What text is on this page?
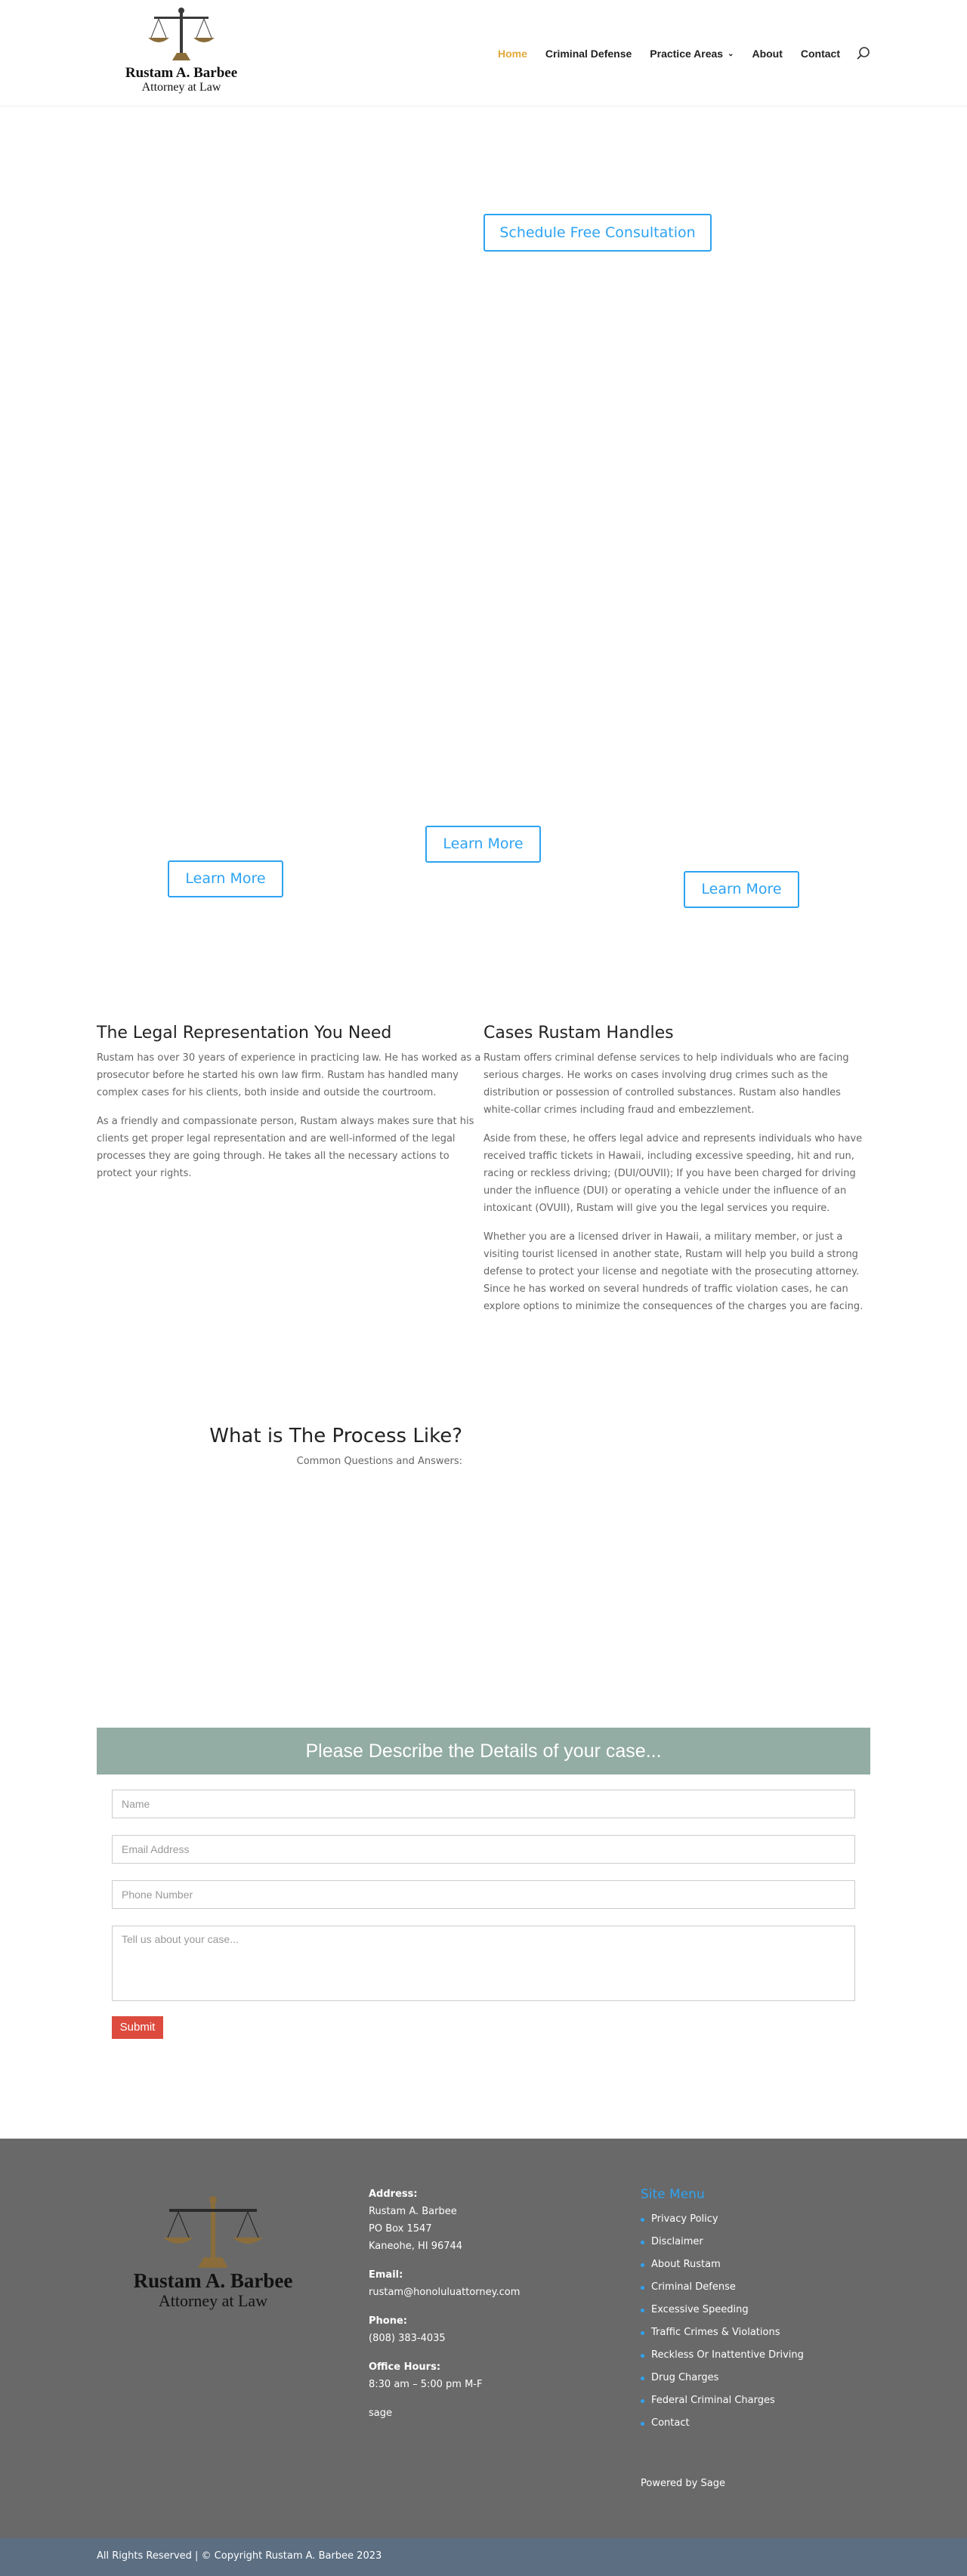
Rustam A. Barbee
Attorney at Law
Home Criminal Defense Practice Areas ⌄ About Contact
Schedule Free Consultation
Learn More
Learn More
Learn More
The Legal Representation You Need

Rustam has over 30 years of experience in practicing law. He has worked as a prosecutor before he started his own law firm. Rustam has handled many complex cases for his clients, both inside and outside the courtroom.

As a friendly and compassionate person, Rustam always makes sure that his clients get proper legal representation and are well-informed of the legal processes they are going through. He takes all the necessary actions to protect your rights.

Cases Rustam Handles

Rustam offers criminal defense services to help individuals who are facing serious charges. He works on cases involving drug crimes such as the distribution or possession of controlled substances. Rustam also handles white-collar crimes including fraud and embezzlement.

Aside from these, he offers legal advice and represents individuals who have received traffic tickets in Hawaii, including excessive speeding, hit and run, racing or reckless driving; (DUI/OUVII); If you have been charged for driving under the influence (DUI) or operating a vehicle under the influence of an intoxicant (OVUII), Rustam will give you the legal services you require.

Whether you are a licensed driver in Hawaii, a military member, or just a visiting tourist licensed in another state, Rustam will help you build a strong defense to protect your license and negotiate with the prosecuting attorney. Since he has worked on several hundreds of traffic violation cases, he can explore options to minimize the consequences of the charges you are facing.

What is The Process Like?
Common Questions and Answers:
Please Describe the Details of your case...
Name
Email Address
Phone Number
Tell us about your case...
Submit
Rustam A. Barbee
Attorney at Law
Address:
Rustam A. Barbee
PO Box 1547
Kaneohe, HI 96744
Email:
rustam@honoluluattorney.com
Phone:
(808) 383-4035
Office Hours:
8:30 am – 5:00 pm M-F
sage
Site Menu
Privacy Policy
Disclaimer
About Rustam
Criminal Defense
Excessive Speeding
Traffic Crimes & Violations
Reckless Or Inattentive Driving
Drug Charges
Federal Criminal Charges
Contact
Powered by Sage
All Rights Reserved | © Copyright Rustam A. Barbee 2023
